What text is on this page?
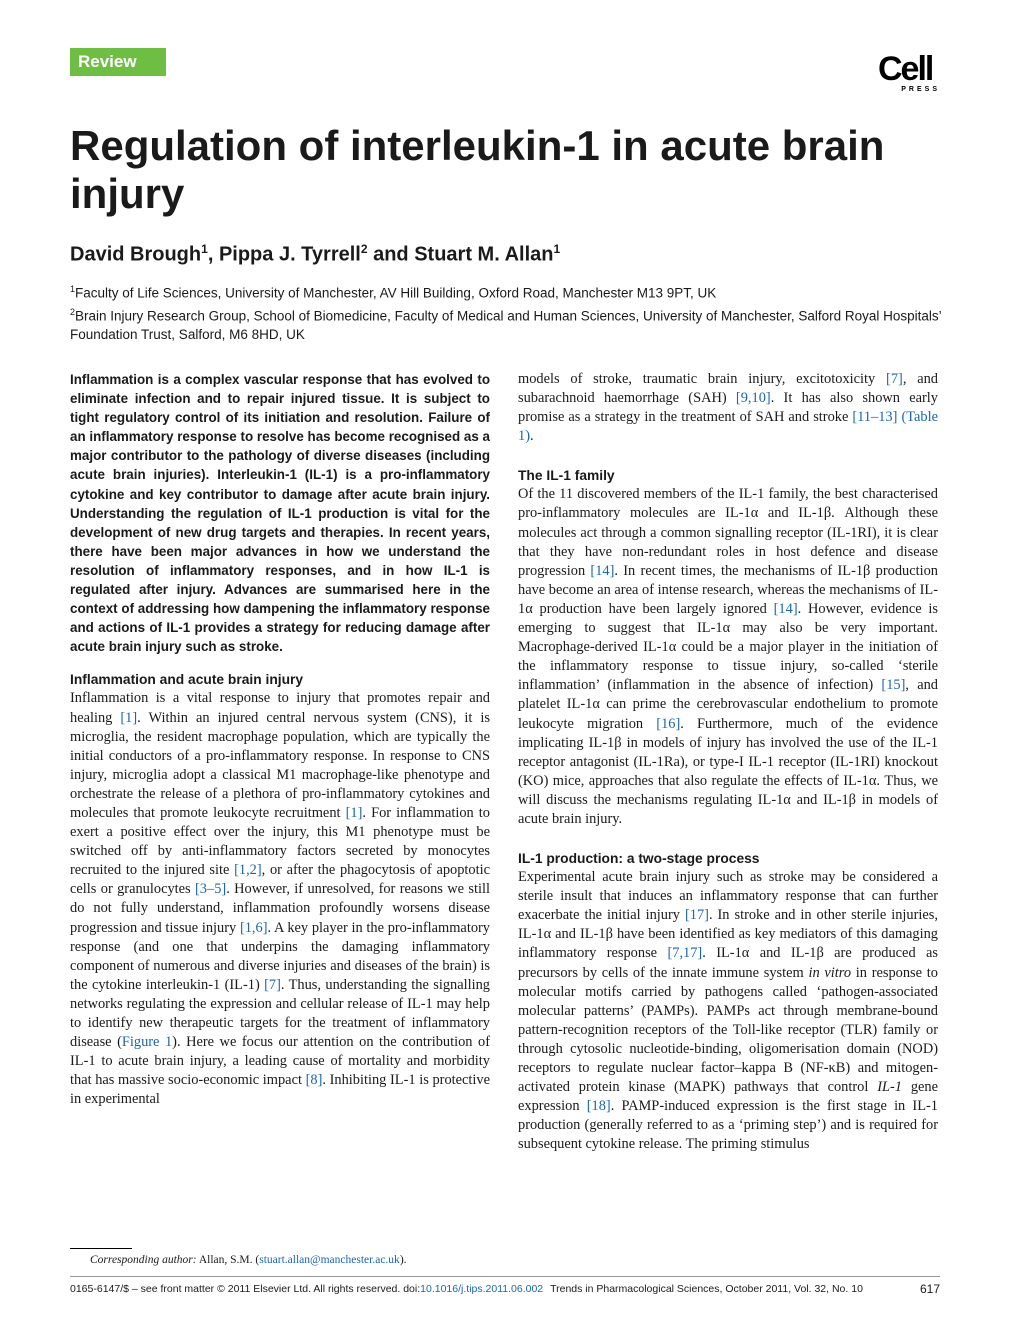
Review	Cell
PRESS
Regulation of interleukin-1 in acute brain injury
David Brough$^1$, Pippa J. Tyrrell$^2$ and Stuart M. Allan$^1$
$^1$Faculty of Life Sciences, University of Manchester, AV Hill Building, Oxford Road, Manchester M13 9PT, UK
$^2$Brain Injury Research Group, School of Biomedicine, Faculty of Medical and Human Sciences, University of Manchester, Salford Royal Hospitals’ Foundation Trust, Salford, M6 8HD, UK

Inflammation is a complex vascular response that has evolved to eliminate infection and to repair injured tissue. It is subject to tight regulatory control of its initiation and resolution. Failure of an inflammatory response to resolve has become recognised as a major contributor to the pathology of diverse diseases (including acute brain injuries). Interleukin-1 (IL-1) is a pro-inflammatory cytokine and key contributor to damage after acute brain injury. Understanding the regulation of IL-1 production is vital for the development of new drug targets and therapies. In recent years, there have been major advances in how we understand the resolution of inflammatory responses, and in how IL-1 is regulated after injury. Advances are summarised here in the context of addressing how dampening the inflammatory response and actions of IL-1 provides a strategy for reducing damage after acute brain injury such as stroke.

Inflammation and acute brain injury

Inflammation is a vital response to injury that promotes repair and healing [1]. Within an injured central nervous system (CNS), it is microglia, the resident macrophage population, which are typically the initial conductors of a pro-inflammatory response. In response to CNS injury, microglia adopt a classical M1 macrophage-like phenotype and orchestrate the release of a plethora of pro-inflammatory cytokines and molecules that promote leukocyte recruitment [1]. For inflammation to exert a positive effect over the injury, this M1 phenotype must be switched off by anti-inflammatory factors secreted by monocytes recruited to the injured site [1,2], or after the phagocytosis of apoptotic cells or granulocytes [3–5]. However, if unresolved, for reasons we still do not fully understand, inflammation profoundly worsens disease progression and tissue injury [1,6]. A key player in the pro-inflammatory response (and one that underpins the damaging inflammatory component of numerous and diverse injuries and diseases of the brain) is the cytokine interleukin-1 (IL-1) [7]. Thus, understanding the signalling networks regulating the expression and cellular release of IL-1 may help to identify new therapeutic targets for the treatment of inflammatory disease (Figure 1). Here we focus our attention on the contribution of IL-1 to acute brain injury, a leading cause of mortality and morbidity that has massive socio-economic impact [8]. Inhibiting IL-1 is protective in experimental

models of stroke, traumatic brain injury, excitotoxicity [7], and subarachnoid haemorrhage (SAH) [9,10]. It has also shown early promise as a strategy in the treatment of SAH and stroke [11–13] (Table 1).

The IL-1 family

Of the 11 discovered members of the IL-1 family, the best characterised pro-inflammatory molecules are IL-1α and IL-1β. Although these molecules act through a common signalling receptor (IL-1RI), it is clear that they have non-redundant roles in host defence and disease progression [14]. In recent times, the mechanisms of IL-1β production have become an area of intense research, whereas the mechanisms of IL-1α production have been largely ignored [14]. However, evidence is emerging to suggest that IL-1α may also be very important. Macrophage-derived IL-1α could be a major player in the initiation of the inflammatory response to tissue injury, so-called ‘sterile inflammation’ (inflammation in the absence of infection) [15], and platelet IL-1α can prime the cerebrovascular endothelium to promote leukocyte migration [16]. Furthermore, much of the evidence implicating IL-1β in models of injury has involved the use of the IL-1 receptor antagonist (IL-1Ra), or type-I IL-1 receptor (IL-1RI) knockout (KO) mice, approaches that also regulate the effects of IL-1α. Thus, we will discuss the mechanisms regulating IL-1α and IL-1β in models of acute brain injury.

IL-1 production: a two-stage process

Experimental acute brain injury such as stroke may be considered a sterile insult that induces an inflammatory response that can further exacerbate the initial injury [17]. In stroke and in other sterile injuries, IL-1α and IL-1β have been identified as key mediators of this damaging inflammatory response [7,17]. IL-1α and IL-1β are produced as precursors by cells of the innate immune system in vitro in response to molecular motifs carried by pathogens called ‘pathogen-associated molecular patterns’ (PAMPs). PAMPs act through membrane-bound pattern-recognition receptors of the Toll-like receptor (TLR) family or through cytosolic nucleotide-binding, oligomerisation domain (NOD) receptors to regulate nuclear factor–kappa B (NF-κB) and mitogen-activated protein kinase (MAPK) pathways that control IL-1 gene expression [18]. PAMP-induced expression is the first stage in IL-1 production (generally referred to as a ‘priming step’) and is required for subsequent cytokine release. The priming stimulus

Corresponding author: Allan, S.M. (stuart.allan@manchester.ac.uk).
0165-6147/$ – see front matter © 2011 Elsevier Ltd. All rights reserved. doi:10.1016/j.tips.2011.06.002 Trends in Pharmacological Sciences, October 2011, Vol. 32, No. 10	617
